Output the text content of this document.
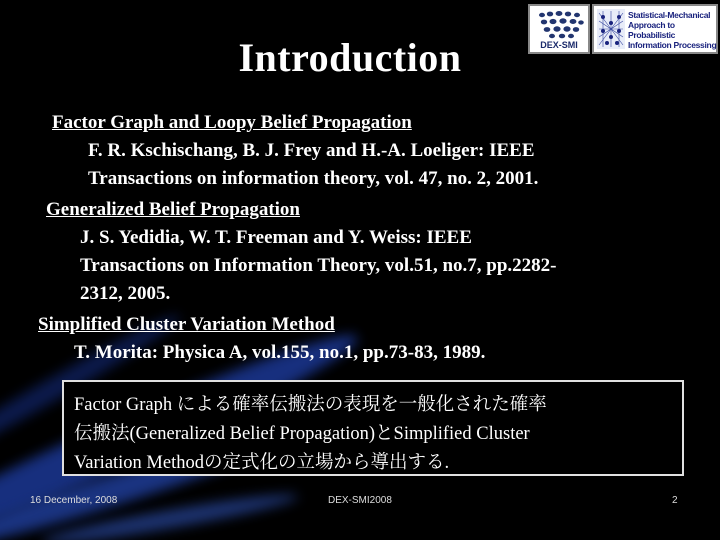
Introduction	DEX-SMI
Statistical-Mechanical
Approach to Probabilistic
Information Processing
Factor Graph and Loopy Belief Propagation
F. R. Kschischang, B. J. Frey and H.-A. Loeliger: IEEE
Transactions on information theory, vol. 47, no. 2, 2001.
Generalized Belief Propagation
J. S. Yedidia, W. T. Freeman and Y. Weiss: IEEE
Transactions on Information Theory, vol.51, no.7, pp.2282-
2312, 2005.
Simplified Cluster Variation Method
T. Morita: Physica A, vol.155, no.1, pp.73-83, 1989.
Factor Graph による確率伝搬法の表現を一般化された確率
伝搬法(Generalized Belief Propagation)とSimplified Cluster
Variation Methodの定式化の立場から導出する.
16 December, 2008	DEX-SMI2008	2
